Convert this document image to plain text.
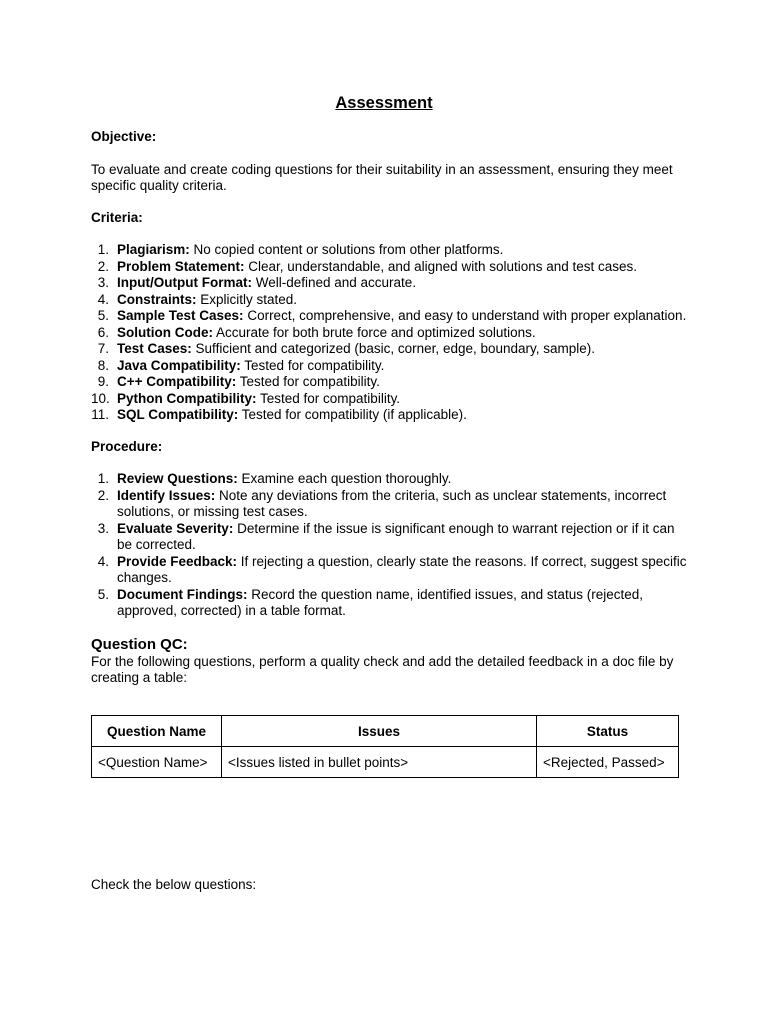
Assessment

Objective:

To evaluate and create coding questions for their suitability in an assessment, ensuring they meet specific quality criteria.

Criteria:

1. Plagiarism: No copied content or solutions from other platforms.
2. Problem Statement: Clear, understandable, and aligned with solutions and test cases.
3. Input/Output Format: Well-defined and accurate.
4. Constraints: Explicitly stated.
5. Sample Test Cases: Correct, comprehensive, and easy to understand with proper explanation.
6. Solution Code: Accurate for both brute force and optimized solutions.
7. Test Cases: Sufficient and categorized (basic, corner, edge, boundary, sample).
8. Java Compatibility: Tested for compatibility.
9. C++ Compatibility: Tested for compatibility.
10. Python Compatibility: Tested for compatibility.
11. SQL Compatibility: Tested for compatibility (if applicable).

Procedure:

1. Review Questions: Examine each question thoroughly.
2. Identify Issues: Note any deviations from the criteria, such as unclear statements, incorrect solutions, or missing test cases.
3. Evaluate Severity: Determine if the issue is significant enough to warrant rejection or if it can be corrected.
4. Provide Feedback: If rejecting a question, clearly state the reasons. If correct, suggest specific changes.
5. Document Findings: Record the question name, identified issues, and status (rejected, approved, corrected) in a table format.

Question QC:

For the following questions, perform a quality check and add the detailed feedback in a doc file by creating a table:

Question Name	Issues	Status
<Question Name>	<Issues listed in bullet points>	<Rejected, Passed>

Check the below questions:
